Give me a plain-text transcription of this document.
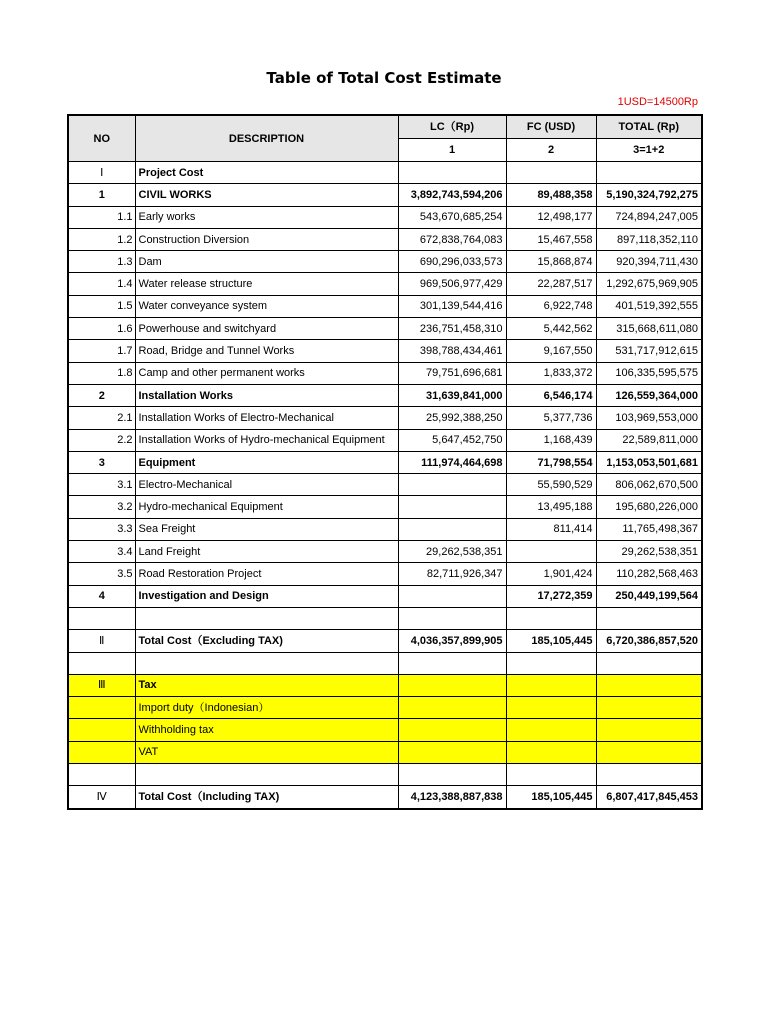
Table of Total Cost Estimate
1USD=14500Rp
NO	DESCRIPTION	LC（Rp)	FC (USD)	TOTAL (Rp)
		1	2	3=1+2
Ⅰ	Project Cost			
1	CIVIL WORKS	3,892,743,594,206	89,488,358	5,190,324,792,275
1.1	Early works	543,670,685,254	12,498,177	724,894,247,005
1.2	Construction Diversion	672,838,764,083	15,467,558	897,118,352,110
1.3	Dam	690,296,033,573	15,868,874	920,394,711,430
1.4	Water release structure	969,506,977,429	22,287,517	1,292,675,969,905
1.5	Water conveyance system	301,139,544,416	6,922,748	401,519,392,555
1.6	Powerhouse and switchyard	236,751,458,310	5,442,562	315,668,611,080
1.7	Road, Bridge and Tunnel Works	398,788,434,461	9,167,550	531,717,912,615
1.8	Camp and other permanent works	79,751,696,681	1,833,372	106,335,595,575
2	Installation Works	31,639,841,000	6,546,174	126,559,364,000
2.1	Installation Works of Electro-Mechanical	25,992,388,250	5,377,736	103,969,553,000
2.2	Installation Works of Hydro-mechanical Equipment	5,647,452,750	1,168,439	22,589,811,000
3	Equipment	111,974,464,698	71,798,554	1,153,053,501,681
3.1	Electro-Mechanical		55,590,529	806,062,670,500
3.2	Hydro-mechanical Equipment		13,495,188	195,680,226,000
3.3	Sea Freight		811,414	11,765,498,367
3.4	Land Freight	29,262,538,351		29,262,538,351
3.5	Road Restoration Project	82,711,926,347	1,901,424	110,282,568,463
4	Investigation and Design		17,272,359	250,449,199,564

Ⅱ	Total Cost（Excluding TAX)	4,036,357,899,905	185,105,445	6,720,386,857,520

Ⅲ	Tax			
	Import duty（Indonesian）			
	Withholding tax			
	VAT			

Ⅳ	Total Cost（Including TAX)	4,123,388,887,838	185,105,445	6,807,417,845,453
